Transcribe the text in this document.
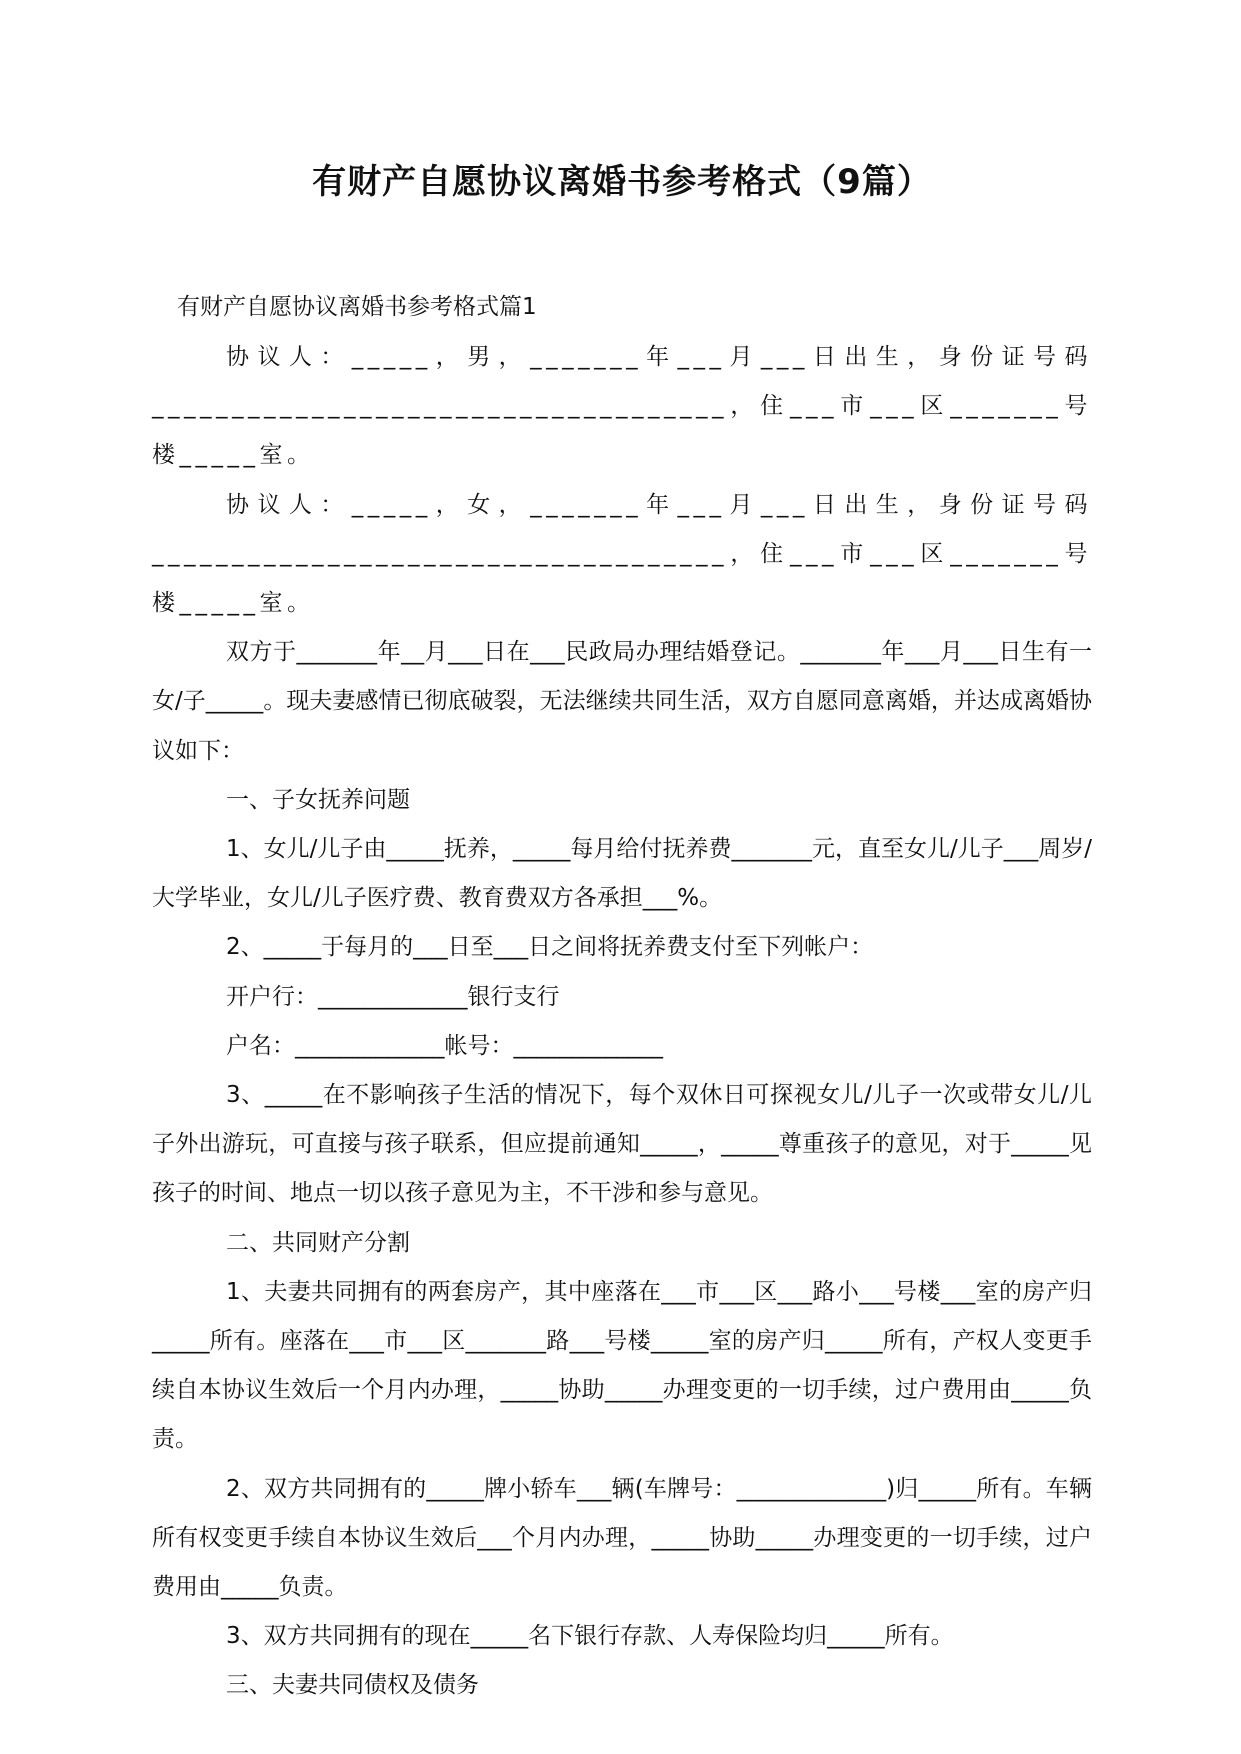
有财产自愿协议离婚书参考格式（9篇）

有财产自愿协议离婚书参考格式篇1

协议人：_____，男，_______年___月___日出生，身份证号码____________________________________，住___市___区_______号楼_____室。

协议人：_____，女，_______年___月___日出生，身份证号码____________________________________，住___市___区_______号楼_____室。

双方于_______年__月___日在___民政局办理结婚登记。_______年___月___日生有一女/子_____。现夫妻感情已彻底破裂，无法继续共同生活，双方自愿同意离婚，并达成离婚协议如下：

一、子女抚养问题

1、女儿/儿子由_____抚养，_____每月给付抚养费_______元，直至女儿/儿子___周岁/大学毕业，女儿/儿子医疗费、教育费双方各承担___%。

2、_____于每月的___日至___日之间将抚养费支付至下列帐户：

开户行：_____________银行支行

户名：_____________帐号：_____________

3、_____在不影响孩子生活的情况下，每个双休日可探视女儿/儿子一次或带女儿/儿子外出游玩，可直接与孩子联系，但应提前通知_____，_____尊重孩子的意见，对于_____见孩子的时间、地点一切以孩子意见为主，不干涉和参与意见。

二、共同财产分割

1、夫妻共同拥有的两套房产，其中座落在___市___区___路小___号楼___室的房产归_____所有。座落在___市___区_______路___号楼_____室的房产归_____所有，产权人变更手续自本协议生效后一个月内办理，_____协助_____办理变更的一切手续，过户费用由_____负责。

2、双方共同拥有的_____牌小轿车___辆(车牌号：_____________)归_____所有。车辆所有权变更手续自本协议生效后___个月内办理，_____协助_____办理变更的一切手续，过户费用由_____负责。

3、双方共同拥有的现在_____名下银行存款、人寿保险均归_____所有。

三、夫妻共同债权及债务
